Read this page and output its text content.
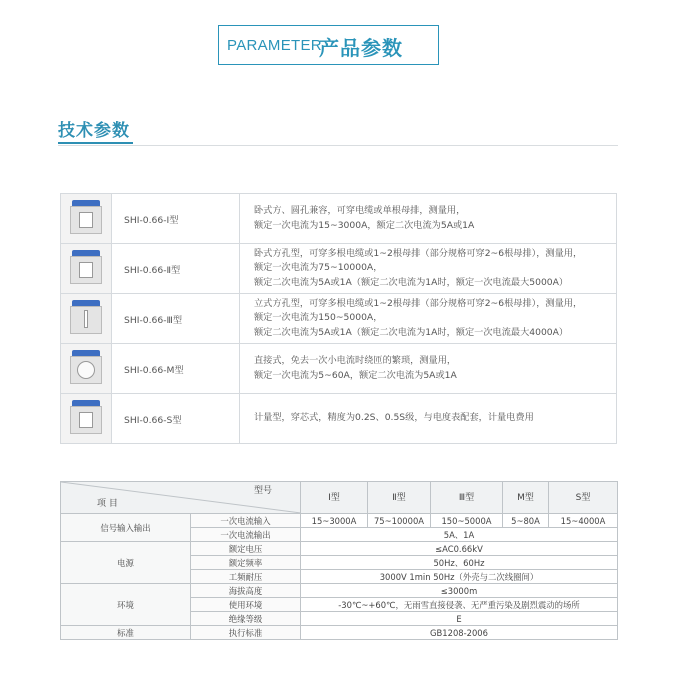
PARAMETER
产品参数
技术参数
	SHI-0.66-Ⅰ型	卧式方、圆孔兼容，可穿电缆或单根母排，测量用，
额定一次电流为15~3000A，额定二次电流为5A或1A

	SHI-0.66-Ⅱ型	卧式方孔型，可穿多根电缆或1~2根母排（部分规格可穿2~6根母排），测量用，
额定一次电流为75~10000A，
额定二次电流为5A或1A（额定二次电流为1A时，额定一次电流最大5000A）

	SHI-0.66-Ⅲ型	立式方孔型，可穿多根电缆或1~2根母排（部分规格可穿2~6根母排），测量用，
额定一次电流为150~5000A，
额定二次电流为5A或1A（额定二次电流为1A时，额定一次电流最大4000A）

	SHI-0.66-M型	直接式，免去一次小电流时绕匝的繁琐，测量用，
额定一次电流为5~60A，额定二次电流为5A或1A

	SHI-0.66-S型	计量型，穿芯式，精度为0.2S、0.5S级，与电度表配套，计量电费用
型号
项 目		Ⅰ型	Ⅱ型	Ⅲ型	M型	S型
信号输入输出	一次电流输入	15~3000A	75~10000A	150~5000A	5~80A	15~4000A
	一次电流输出	5A、1A				
电源	额定电压	≤AC0.66kV				
	额定频率	50Hz、60Hz				
	工频耐压	3000V 1min 50Hz（外壳与二次线圈间）				
环境	海拔高度	≤3000m				
	使用环境	-30℃~+60℃，无雨雪直接侵袭、无严重污染及剧烈震动的场所				
	绝缘等级	E				
标准	执行标准	GB1208-2006				
